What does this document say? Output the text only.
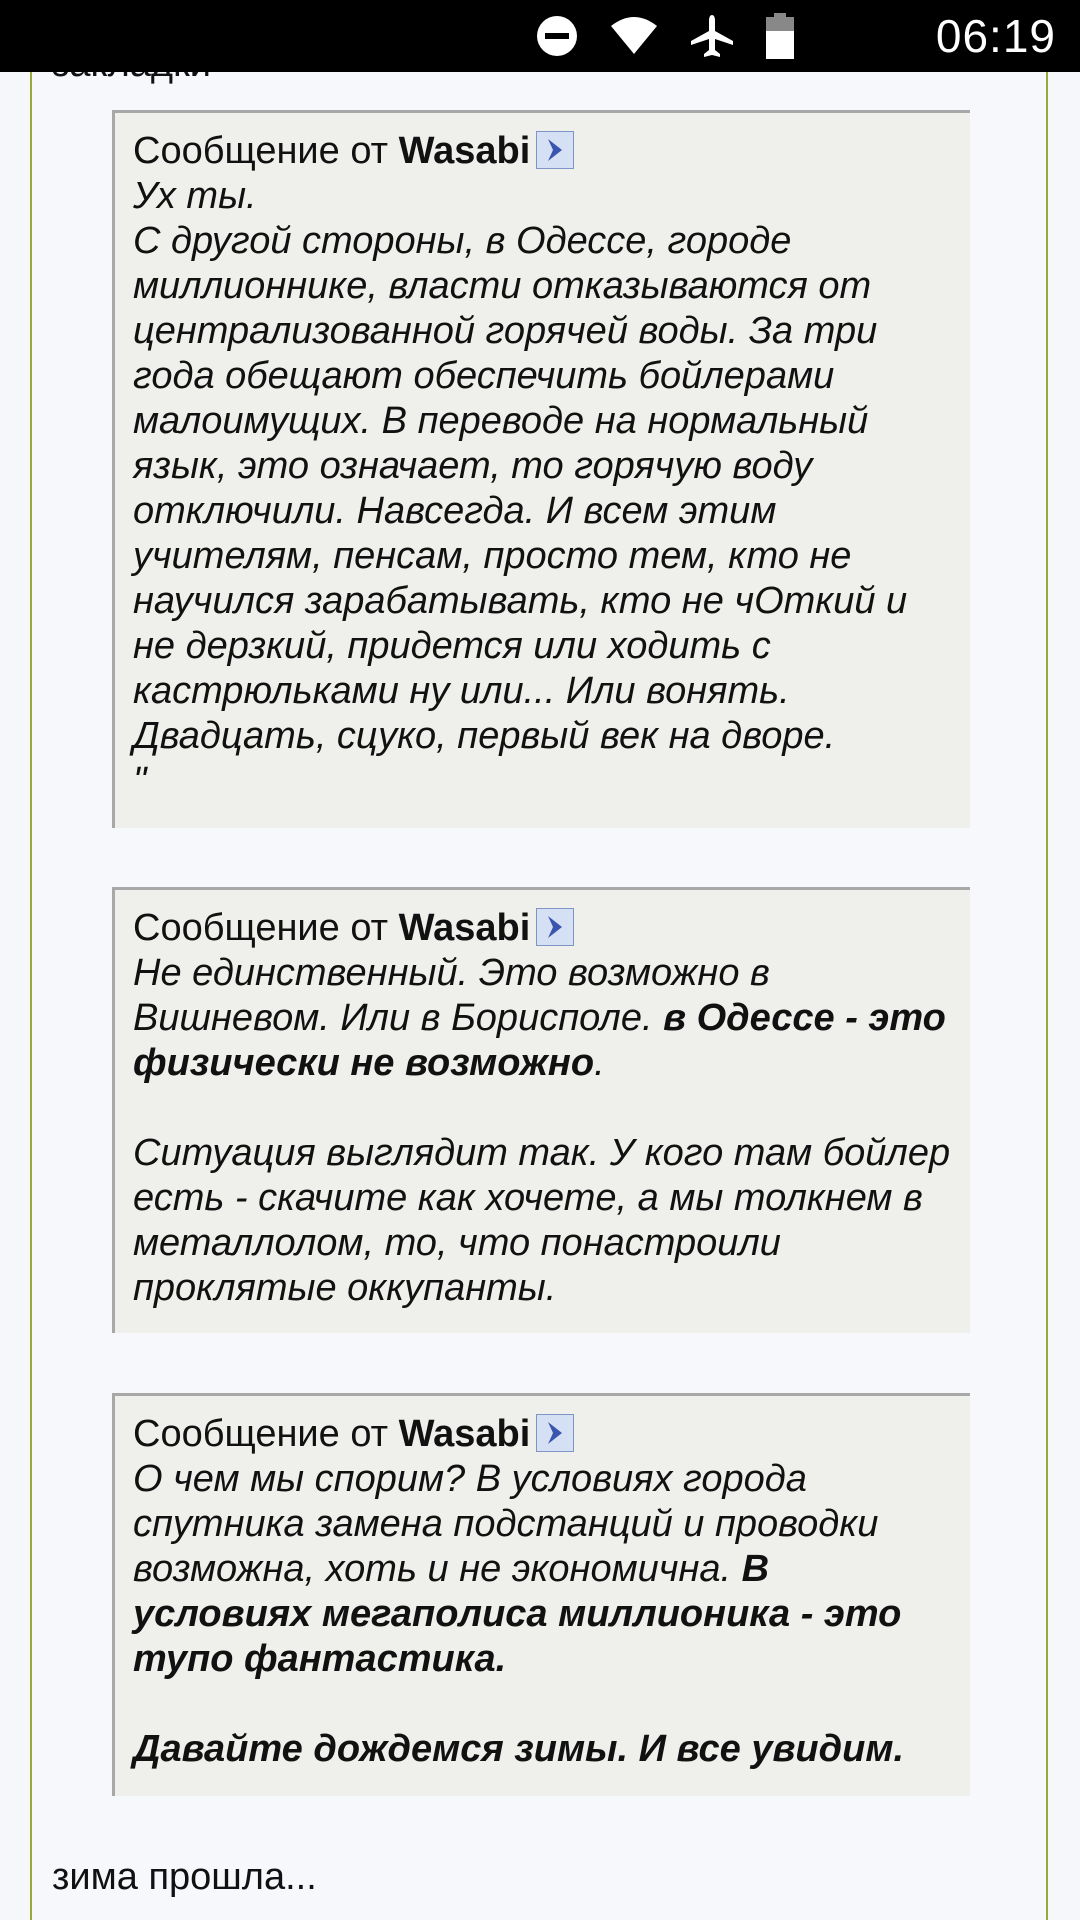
06:19
Сообщение от Wasabi
Ух ты.
С другой стороны, в Одессе, городе миллионнике, власти отказываются от централизованной горячей воды. За три года обещают обеспечить бойлерами малоимущих. В переводе на нормальный язык, это означает, то горячую воду отключили. Навсегда. И всем этим учителям, пенсам, просто тем, кто не научился зарабатывать, кто не чОткий и не дерзкий, придется или ходить с кастрюльками ну или... Или вонять.
Двадцать, сцуко, первый век на дворе.
"
Сообщение от Wasabi
Не единственный. Это возможно в Вишневом. Или в Борисполе. в Одессе - это физически не возможно.

Ситуация выглядит так. У кого там бойлер есть - скачите как хочете, а мы толкнем в металлолом, то, что понастроили проклятые оккупанты.
Сообщение от Wasabi
О чем мы спорим? В условиях города спутника замена подстанций и проводки возможна, хоть и не экономична. В условиях мегаполиса миллионика - это тупо фантастика.

Давайте дождемся зимы. И все увидим.
зима прошла...
